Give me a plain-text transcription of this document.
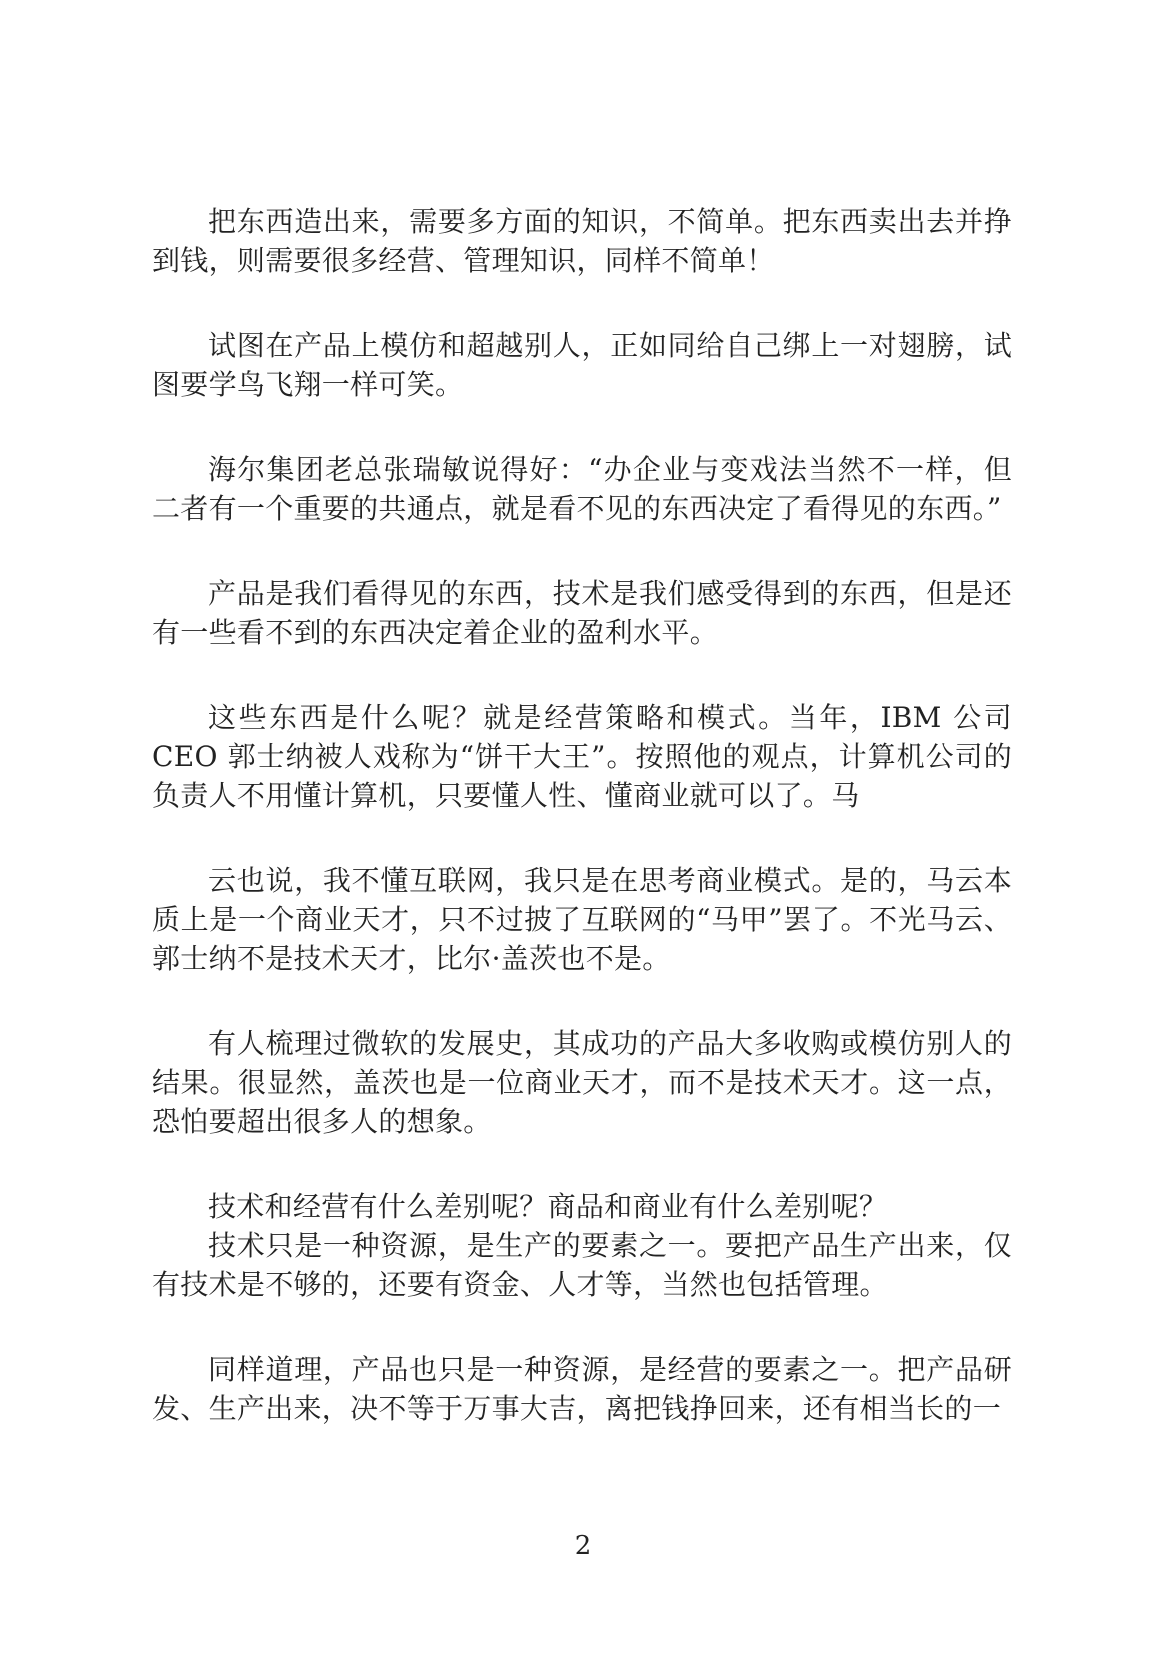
把东西造出来，需要多方面的知识，不简单。把东西卖出去并挣到钱，则需要很多经营、管理知识，同样不简单！

试图在产品上模仿和超越别人，正如同给自己绑上一对翅膀，试图要学鸟飞翔一样可笑。

海尔集团老总张瑞敏说得好：“办企业与变戏法当然不一样，但二者有一个重要的共通点，就是看不见的东西决定了看得见的东西。”

产品是我们看得见的东西，技术是我们感受得到的东西，但是还有一些看不到的东西决定着企业的盈利水平。

这些东西是什么呢？就是经营策略和模式。当年，IBM 公司 CEO 郭士纳被人戏称为“饼干大王”。按照他的观点，计算机公司的负责人不用懂计算机，只要懂人性、懂商业就可以了。马

云也说，我不懂互联网，我只是在思考商业模式。是的，马云本质上是一个商业天才，只不过披了互联网的“马甲”罢了。不光马云、郭士纳不是技术天才，比尔·盖茨也不是。

有人梳理过微软的发展史，其成功的产品大多收购或模仿别人的结果。很显然，盖茨也是一位商业天才，而不是技术天才。这一点，恐怕要超出很多人的想象。

技术和经营有什么差别呢？商品和商业有什么差别呢？

技术只是一种资源，是生产的要素之一。要把产品生产出来，仅有技术是不够的，还要有资金、人才等，当然也包括管理。

同样道理，产品也只是一种资源，是经营的要素之一。把产品研发、生产出来，决不等于万事大吉，离把钱挣回来，还有相当长的一

2
